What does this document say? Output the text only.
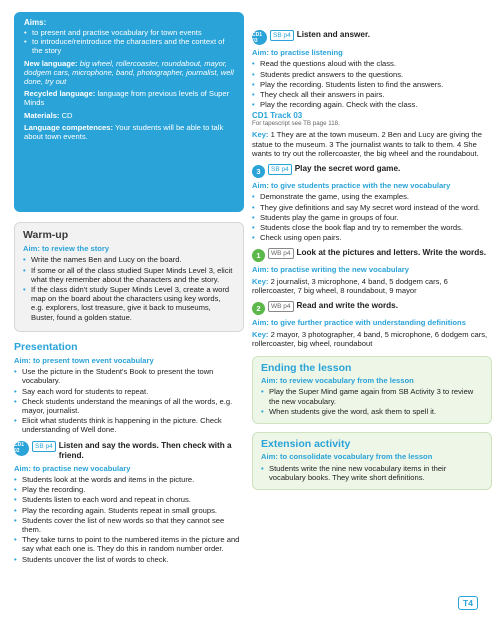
Aims:
• to present and practise vocabulary for town events
• to introduce/reintroduce the characters and the context of the story

New language: big wheel, rollercoaster, roundabout, mayor, dodgem cars, microphone, band, photographer, journalist, well done, try out

Recycled language: language from previous levels of Super Minds

Materials: CD

Language competences: Your students will be able to talk about town events.

Warm-up
Aim: to review the story
• Write the names Ben and Lucy on the board.
• If some or all of the class studied Super Minds Level 3, elicit what they remember about the characters and the story.
• If the class didn't study Super Minds Level 3, create a word map on the board about the characters using key words, e.g. explorers, lost treasure, give it back to museums, Buster, found a golden statue.
Presentation
Aim: to present town event vocabulary
• Use the picture in the Student's Book to present the town vocabulary.
• Say each word for students to repeat.
• Check students understand the meanings of all the words, e.g. mayor, journalist.
• Elicit what students think is happening in the picture. Check understanding of Well done.
CD1 02
SB p4 Listen and say the words. Then check with a friend.
Aim: to practise new vocabulary
• Students look at the words and items in the picture.
• Play the recording.
• Students listen to each word and repeat in chorus.
• Play the recording again. Students repeat in small groups.
• Students cover the list of new words so that they cannot see them.
• They take turns to point to the numbered items in the picture and say what each one is. They do this in random number order.
• Students uncover the list of words to check.
CD1 03
SB p4 Listen and answer.
Aim: to practise listening
• Read the questions aloud with the class.
• Students predict answers to the questions.
• Play the recording. Students listen to find the answers.
• They check all their answers in pairs.
• Play the recording again. Check with the class.
CD1 Track 03
For tapescript see TB page 118.
Key: 1 They are at the town museum. 2 Ben and Lucy are giving the statue to the museum. 3 The journalist wants to talk to them. 4 She wants to try out the rollercoaster, the big wheel and the roundabout.
3	SB p4 Play the secret word game.
Aim: to give students practice with the new vocabulary
• Demonstrate the game, using the examples.
• They give definitions and say My secret word instead of the word.
• Students play the game in groups of four.
• Students close the book flap and try to remember the words.
• Check using open pairs.
1	WB p4 Look at the pictures and letters. Write the words.
Aim: to practise writing the new vocabulary
Key: 2 journalist, 3 microphone, 4 band, 5 dodgem cars, 6 rollercoaster, 7 big wheel, 8 roundabout, 9 mayor
2	WB p4 Read and write the words.
Aim: to give further practice with understanding definitions
Key: 2 mayor, 3 photographer, 4 band, 5 microphone, 6 dodgem cars, rollercoaster, big wheel, roundabout
Ending the lesson
Aim: to review vocabulary from the lesson
• Play the Super Mind game again from SB Activity 3 to review the new vocabulary.
• When students give the word, ask them to spell it.
Extension activity
Aim: to consolidate vocabulary from the lesson
• Students write the nine new vocabulary items in their vocabulary books. They write short definitions.
T4
